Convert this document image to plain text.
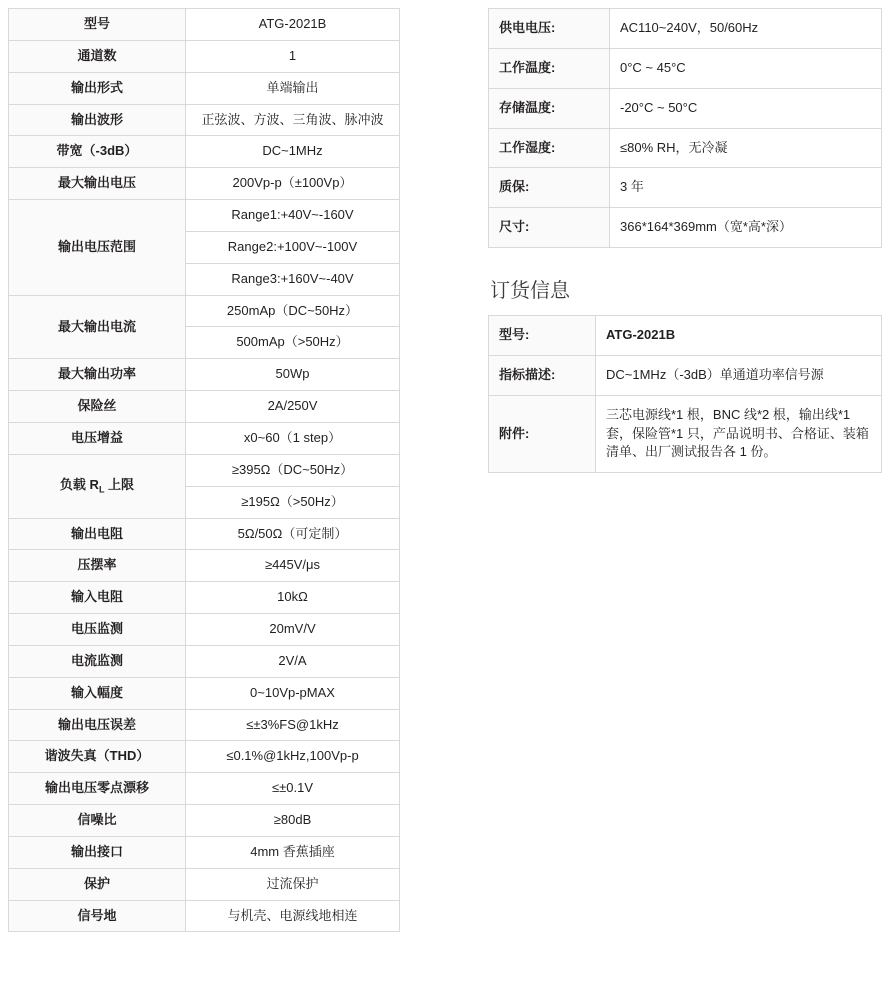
型号	ATG-2021B
通道数	1
输出形式	单端输出
输出波形	正弦波、方波、三角波、脉冲波
带宽（-3dB）	DC~1MHz
最大输出电压	200Vp-p（±100Vp）
输出电压范围	Range1:+40V~-160V
	Range2:+100V~-100V
	Range3:+160V~-40V
最大输出电流	250mAp（DC~50Hz）
	500mAp（>50Hz）
最大输出功率	50Wp
保险丝	2A/250V
电压增益	x0~60（1 step）
负载 $R_L$ 上限	≥395Ω（DC~50Hz）
	≥195Ω（>50Hz）
输出电阻	5Ω/50Ω（可定制）
压摆率	≥445V/μs
输入电阻	10kΩ
电压监测	20mV/V
电流监测	2V/A
输入幅度	0~10Vp-pMAX
输出电压误差	≤±3%FS@1kHz
谐波失真（THD）	≤0.1%@1kHz,100Vp-p
输出电压零点漂移	≤±0.1V
信噪比	≥80dB
输出接口	4mm 香蕉插座
保护	过流保护
信号地	与机壳、电源线地相连
供电电压:	AC110~240V，50/60Hz
工作温度:	0°C ~ 45°C
存储温度:	-20°C ~ 50°C
工作湿度:	≤80% RH，无冷凝
质保:	3 年
尺寸:	366*164*369mm（宽*高*深）
订货信息
型号:	ATG-2021B
指标描述:	DC~1MHz（-3dB）单通道功率信号源
附件:	三芯电源线*1 根，BNC 线*2 根，输出线*1 套，保险管*1 只，产品说明书、合格证、装箱清单、出厂测试报告各 1 份。
